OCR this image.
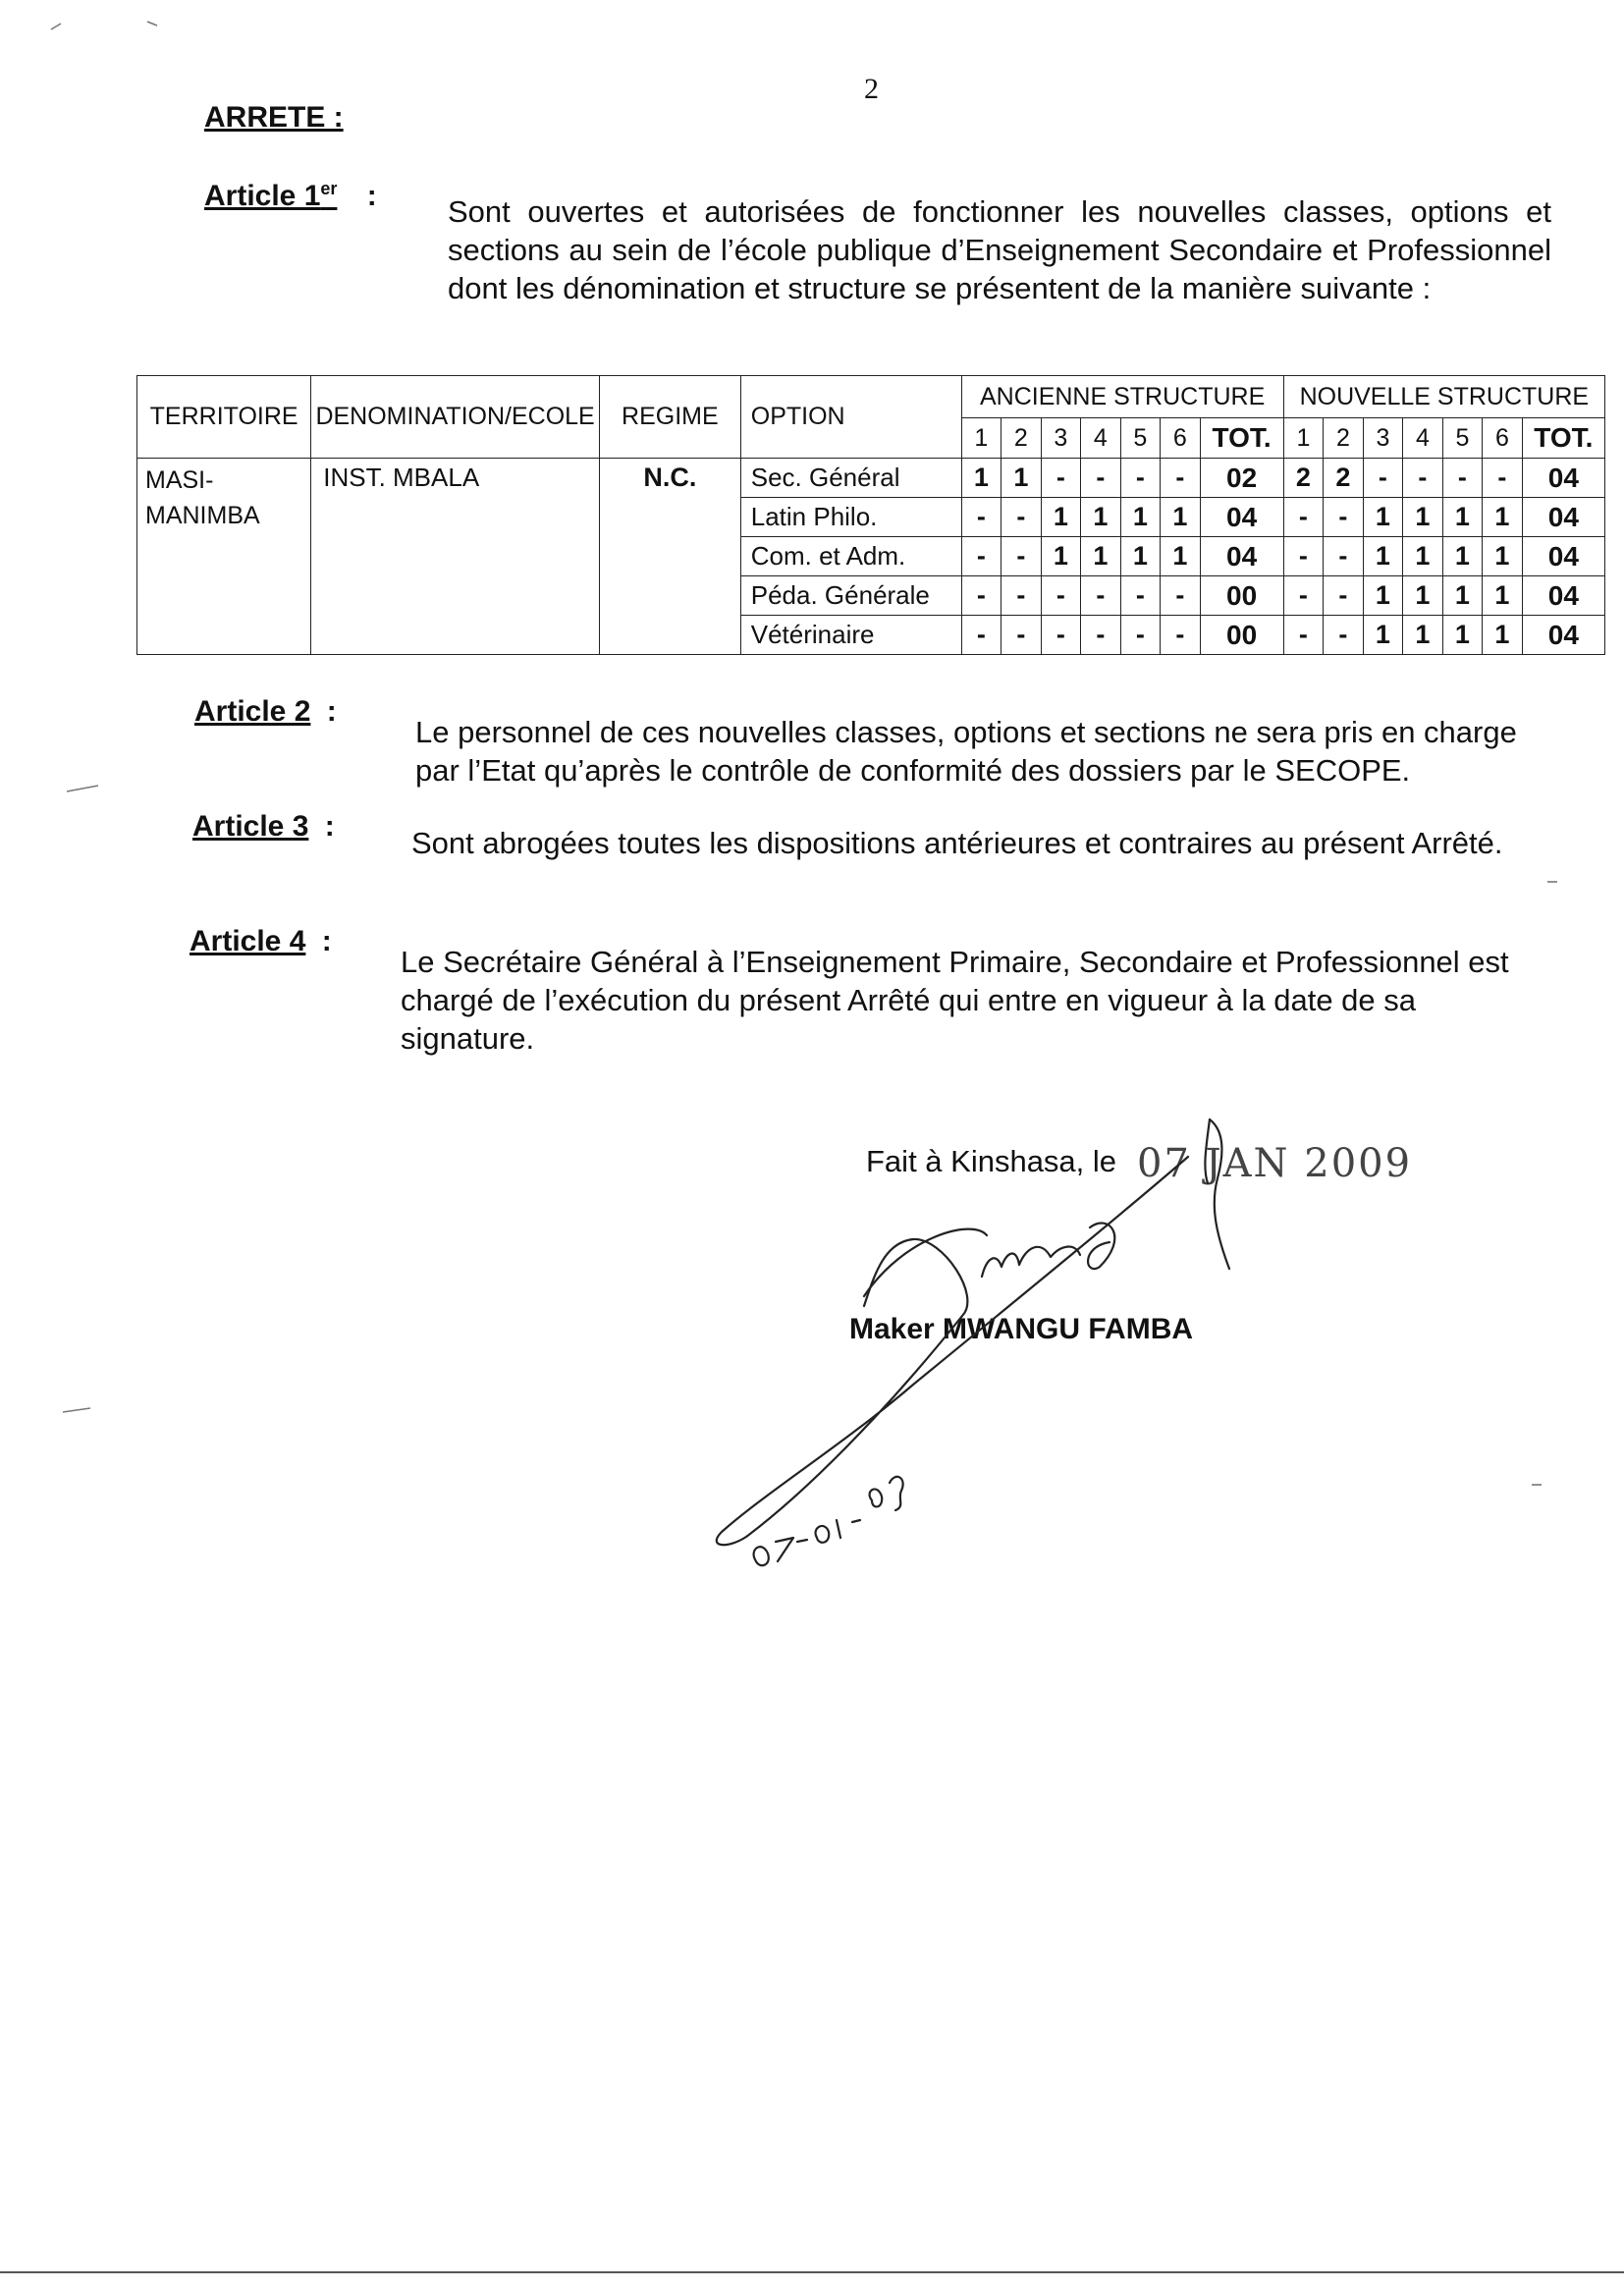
2
ARRETE :
Article 1er : Sont ouvertes et autorisées de fonctionner les nouvelles classes, options et sections au sein de l’école publique d’Enseignement Secondaire et Professionnel dont les dénomination et structure se présentent de la manière suivante :
TERRITOIRE	DENOMINATION/ECOLE	REGIME	OPTION	ANCIENNE STRUCTURE							NOUVELLE STRUCTURE						
				1	2	3	4	5	6	TOT.	1	2	3	4	5	6	TOT.
MASI-MANIMBA	INST. MBALA	N.C.	Sec. Général	1	1	-	-	-	-	02	2	2	-	-	-	-	04
			Latin Philo.	-	-	1	1	1	1	04	-	-	1	1	1	1	04
			Com. et Adm.	-	-	1	1	1	1	04	-	-	1	1	1	1	04
			Péda. Générale	-	-	-	-	-	-	00	-	-	1	1	1	1	04
			Vétérinaire	-	-	-	-	-	-	00	-	-	1	1	1	1	04
Article 2 :
Le personnel de ces nouvelles classes, options et sections ne sera pris en charge par l’Etat qu’après le contrôle de conformité des dossiers par le SECOPE.
Article 3 :	Sont abrogées toutes les dispositions antérieures et contraires au présent Arrêté.
Article 4 :
Le Secrétaire Général à l’Enseignement Primaire, Secondaire et Professionnel est chargé de l’exécution du présent Arrêté qui entre en vigueur à la date de sa signature.
Fait à Kinshasa, le 07 JAN 2009
Maker MWANGU FAMBA
